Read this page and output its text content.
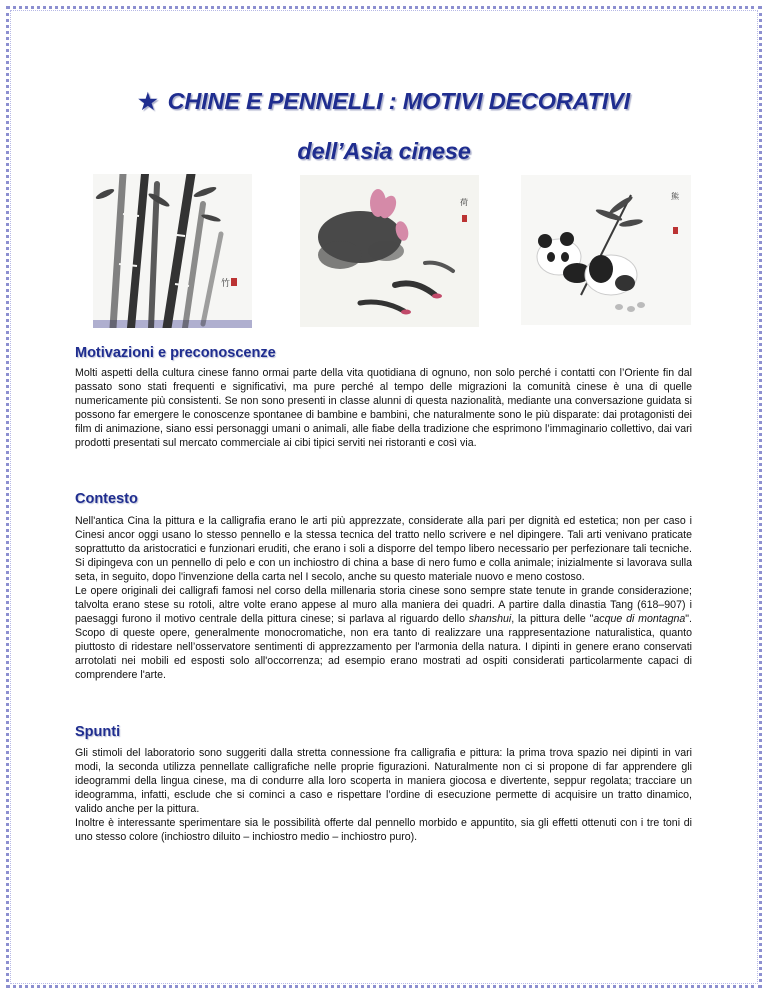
★ CHINE E PENNELLI : MOTIVI DECORATIVI
dell’Asia cinese
竹
荷
熊
Motivazioni e preconoscenze

Molti aspetti della cultura cinese fanno ormai parte della vita quotidiana di ognuno, non solo perché i contatti con l’Oriente fin dal passato sono stati frequenti e significativi, ma pure perché al tempo delle migrazioni la comunità cinese è una di quelle numericamente più consistenti. Se non sono presenti in classe alunni di questa nazionalità, mediante una conversazione guidata si possono far emergere le conoscenze spontanee di bambine e bambini, che naturalmente sono le più disparate: dai protagonisti dei film di animazione, siano essi personaggi umani o animali, alle fiabe della tradizione che esprimono l’immaginario collettivo, dai vari prodotti presentati sul mercato commerciale ai cibi tipici serviti nei ristoranti e così via.

Contesto

Nell'antica Cina la pittura e la calligrafia erano le arti più apprezzate, considerate alla pari per dignità ed estetica; non per caso i Cinesi ancor oggi usano lo stesso pennello e la stessa tecnica del tratto nello scrivere e nel dipingere. Tali arti venivano praticate soprattutto da aristocratici e funzionari eruditi, che erano i soli a disporre del tempo libero necessario per perfezionare tali tecniche. Si dipingeva con un pennello di pelo e con un inchiostro di china a base di nero fumo e colla animale; inizialmente si lavorava sulla seta, in seguito, dopo l'invenzione della carta nel I secolo, anche su questo materiale nuovo e meno costoso.

Le opere originali dei calligrafi famosi nel corso della millenaria storia cinese sono sempre state tenute in grande considerazione; talvolta erano stese su rotoli, altre volte erano appese al muro alla maniera dei quadri. A partire dalla dinastia Tang (618–907) i paesaggi furono il motivo centrale della pittura cinese; si parlava al riguardo dello shanshui, la pittura delle "acque di montagna". Scopo di queste opere, generalmente monocromatiche, non era tanto di realizzare una rappresentazione naturalistica, quanto piuttosto di ridestare nell’osservatore sentimenti di apprezzamento per l'armonia della natura. I dipinti in genere erano conservati arrotolati nei mobili ed esposti solo all'occorrenza; ad esempio erano mostrati ad ospiti considerati particolarmente capaci di comprendere l'arte.

Spunti

Gli stimoli del laboratorio sono suggeriti dalla stretta connessione fra calligrafia e pittura: la prima trova spazio nei dipinti in vari modi, la seconda utilizza pennellate calligrafiche nelle proprie figurazioni. Naturalmente non ci si propone di far apprendere gli ideogrammi della lingua cinese, ma di condurre alla loro scoperta in maniera giocosa e divertente, seppur regolata; tracciare un ideogramma, infatti, esclude che si cominci a caso e rispettare l’ordine di esecuzione permette di acquisire un tratto dinamico, valido anche per la pittura.

Inoltre è interessante sperimentare sia le possibilità offerte dal pennello morbido e appuntito, sia gli effetti ottenuti con i tre toni di uno stesso colore (inchiostro diluito – inchiostro medio – inchiostro puro).
